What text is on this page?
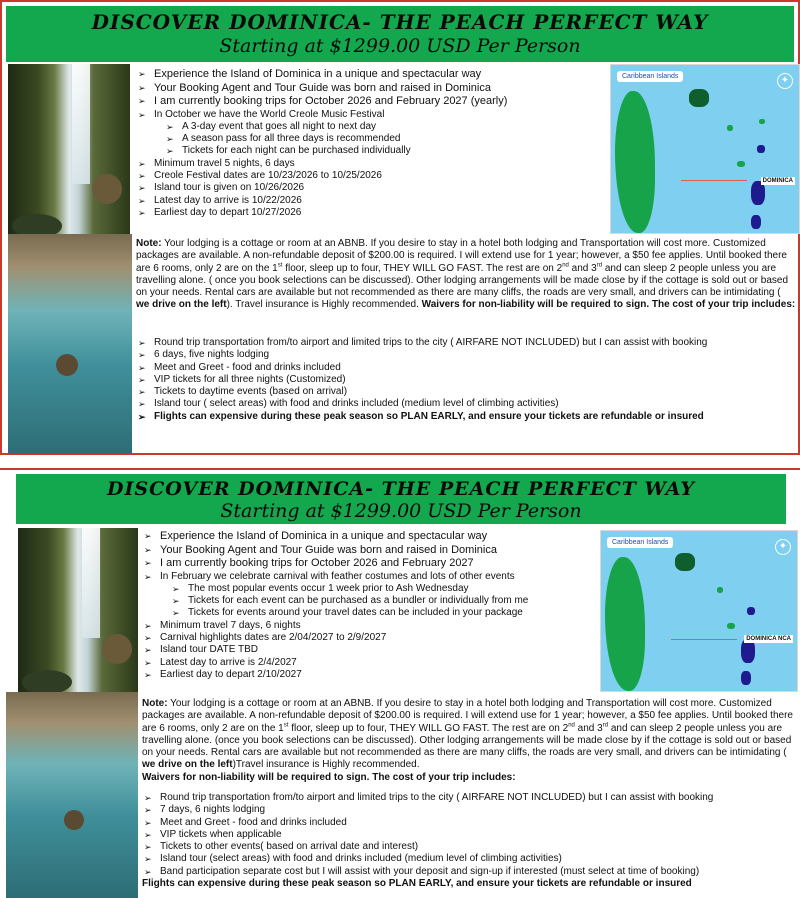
DISCOVER DOMINICA- THE PEACH PERFECT WAY
Starting at $1299.00 USD Per Person
Caribbean Islands	✦
DOMINICA
➢ Experience the Island of Dominica in a unique and spectacular way
➢ Your Booking Agent and Tour Guide was born and raised in Dominica
➢ I am currently booking trips for October 2026 and February 2027 (yearly)
➢ In October we have the World Creole Music Festival
➢ A 3-day event that goes all night to next day
➢ A season pass for all three days is recommended
➢ Tickets for each night can be purchased individually
➢ Minimum travel 5 nights, 6 days
➢ Creole Festival dates are 10/23/2026 to 10/25/2026
➢ Island tour is given on 10/26/2026
➢ Latest day to arrive is 10/22/2026
➢ Earliest day to depart 10/27/2026
Note: Your lodging is a cottage or room at an ABNB. If you desire to stay in a hotel both lodging and Transportation will cost more. Customized packages are available. A non-refundable deposit of $200.00 is required. I will extend use for 1 year; however, a $50 fee applies. Until booked there are 6 rooms, only 2 are on the 1st floor, sleep up to four, THEY WILL GO FAST. The rest are on 2nd and 3rd and can sleep 2 people unless you are travelling alone. ( once you book selections can be discussed). Other lodging arrangements will be made close by if the cottage is sold out or based on your needs. Rental cars are available but not recommended as there are many cliffs, the roads are very small, and drivers can be intimidating ( we drive on the left). Travel insurance is Highly recommended. Waivers for non-liability will be required to sign. The cost of your trip includes:
➢ Round trip transportation from/to airport and limited trips to the city ( AIRFARE NOT INCLUDED) but I can assist with booking
➢ 6 days, five nights lodging
➢ Meet and Greet - food and drinks included
➢ VIP tickets for all three nights (Customized)
➢ Tickets to daytime events (based on arrival)
➢ Island tour ( select areas) with food and drinks included (medium level of climbing activities)
➢ Flights can expensive during these peak season so PLAN EARLY, and ensure your tickets are refundable or insured
DISCOVER DOMINICA- THE PEACH PERFECT WAY
Starting at $1299.00 USD Per Person
Caribbean Islands	✦
DOMINICA NCA
➢ Experience the Island of Dominica in a unique and spectacular way
➢ Your Booking Agent and Tour Guide was born and raised in Dominica
➢ I am currently booking trips for October 2026 and February 2027
➢ In February we celebrate carnival with feather costumes and lots of other events
➢ The most popular events occur 1 week prior to Ash Wednesday
➢ Tickets for each event can be purchased as a bundler or individually from me
➢ Tickets for events around your travel dates can be included in your package
➢ Minimum travel 7 days, 6 nights
➢ Carnival highlights dates are 2/04/2027 to 2/9/2027
➢ Island tour DATE TBD
➢ Latest day to arrive is 2/4/2027
➢ Earliest day to depart 2/10/2027
Note: Your lodging is a cottage or room at an ABNB. If you desire to stay in a hotel both lodging and Transportation will cost more. Customized packages are available. A non-refundable deposit of $200.00 is required. I will extend use for 1 year; however, a $50 fee applies. Until booked there are 6 rooms, only 2 are on the 1st floor, sleep up to four, THEY WILL GO FAST. The rest are on 2nd and 3rd and can sleep 2 people unless you are travelling alone. (once you book selections can be discussed). Other lodging arrangements will be made close by if the cottage is sold out or based on your needs. Rental cars are available but not recommended as there are many cliffs, the roads are very small, and drivers can be intimidating ( we drive on the left)Travel insurance is Highly recommended.
Waivers for non-liability will be required to sign. The cost of your trip includes:
➢ Round trip transportation from/to airport and limited trips to the city ( AIRFARE NOT INCLUDED) but I can assist with booking
➢ 7 days, 6 nights lodging
➢ Meet and Greet - food and drinks included
➢ VIP tickets when applicable
➢ Tickets to other events( based on arrival date and interest)
➢ Island tour (select areas) with food and drinks included (medium level of climbing activities)
➢ Band participation separate cost but I will assist with your deposit and sign-up if interested (must select at time of booking)
Flights can expensive during these peak season so PLAN EARLY, and ensure your tickets are refundable or insured
